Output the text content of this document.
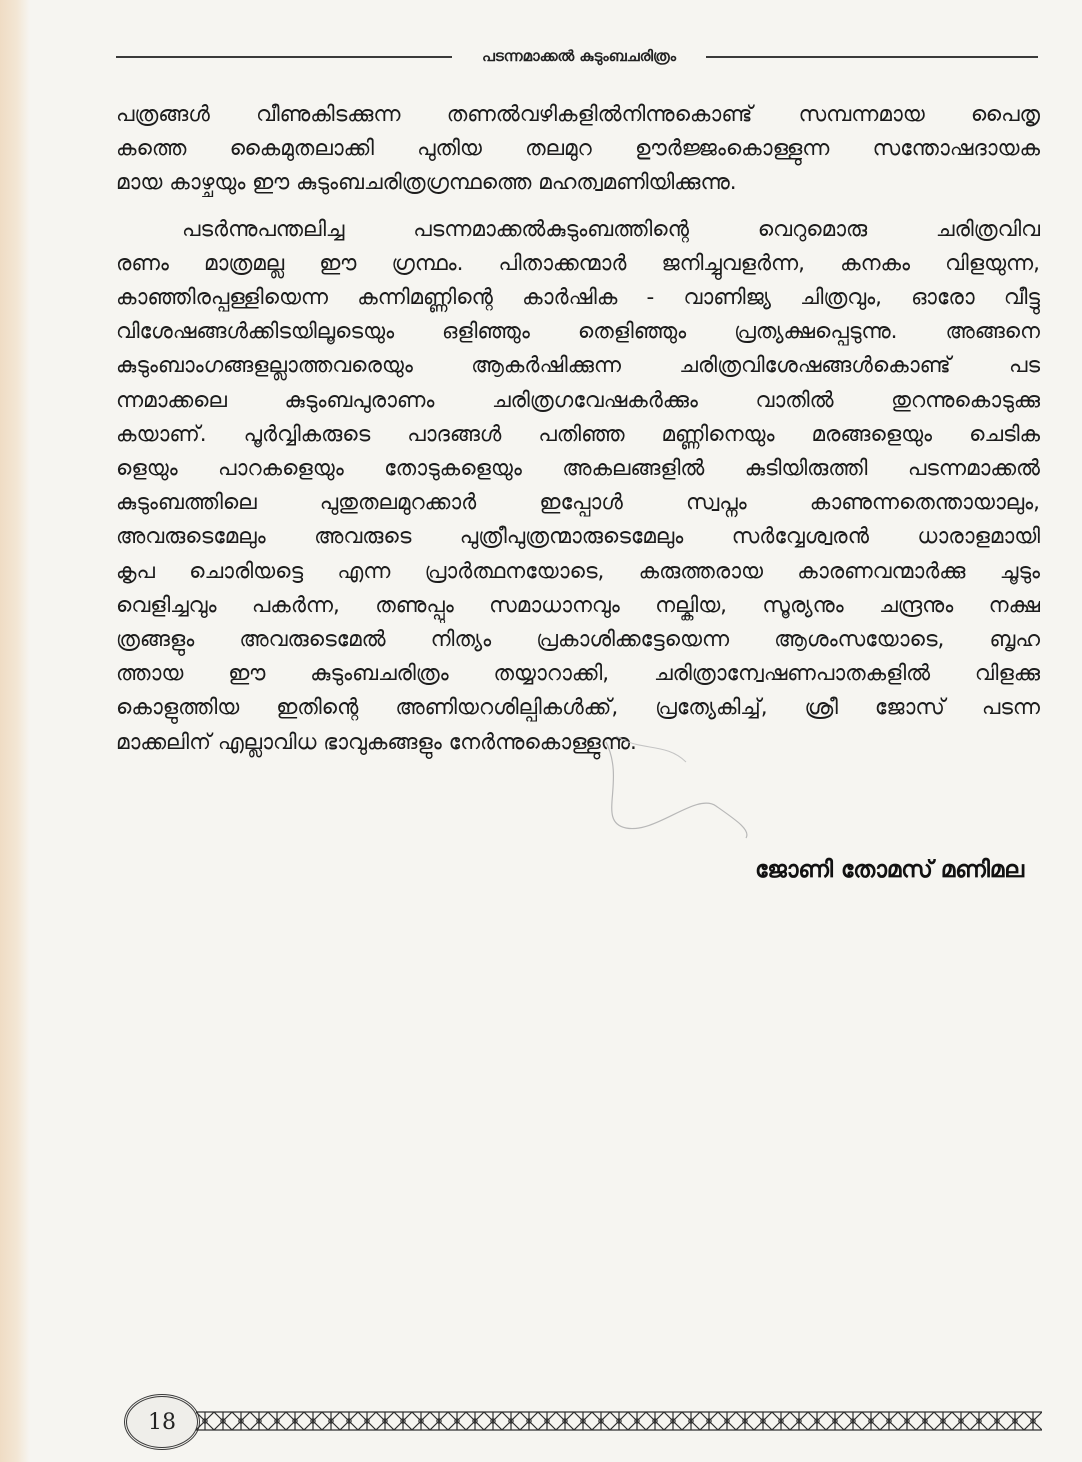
പടന്നമാക്കൽ കുടുംബചരിത്രം
പത്രങ്ങൾ വീണുകിടക്കുന്ന തണൽവഴികളിൽനിന്നുകൊണ്ട് സമ്പന്നമായ പൈതൃ
കത്തെ കൈമുതലാക്കി പുതിയ തലമുറ ഊർജ്ജംകൊള്ളുന്ന സന്തോഷദായക
മായ കാഴ്ചയും ഈ കുടുംബചരിത്രഗ്രന്ഥത്തെ മഹത്വമണിയിക്കുന്നു.
പടർന്നുപന്തലിച്ച പടന്നമാക്കൽകുടുംബത്തിന്റെ വെറുമൊരു ചരിത്രവിവ
രണം മാത്രമല്ല ഈ ഗ്രന്ഥം. പിതാക്കന്മാർ ജനിച്ചുവളർന്ന, കനകം വിളയുന്ന,
കാഞ്ഞിരപ്പള്ളിയെന്ന കന്നിമണ്ണിന്റെ കാർഷിക - വാണിജ്യ ചിത്രവും, ഓരോ വീട്ടു
വിശേഷങ്ങൾക്കിടയിലൂടെയും ഒളിഞ്ഞും തെളിഞ്ഞും പ്രത്യക്ഷപ്പെടുന്നു. അങ്ങനെ
കുടുംബാംഗങ്ങളല്ലാത്തവരെയും ആകർഷിക്കുന്ന ചരിത്രവിശേഷങ്ങൾകൊണ്ട് പട
ന്നമാക്കലെ കുടുംബപുരാണം ചരിത്രഗവേഷകർക്കും വാതിൽ തുറന്നുകൊടുക്കു
കയാണ്. പൂർവ്വികരുടെ പാദങ്ങൾ പതിഞ്ഞ മണ്ണിനെയും മരങ്ങളെയും ചെടിക
ളെയും പാറകളെയും തോടുകളെയും അകലങ്ങളിൽ കുടിയിരുത്തി പടന്നമാക്കൽ
കുടുംബത്തിലെ പുതുതലമുറക്കാർ ഇപ്പോൾ സ്വപ്നം കാണുന്നതെന്തായാലും,
അവരുടെമേലും അവരുടെ പുത്രീപുത്രന്മാരുടെമേലും സർവ്വേശ്വരൻ ധാരാളമായി
കൃപ ചൊരിയട്ടെ എന്ന പ്രാർത്ഥനയോടെ, കരുത്തരായ കാരണവന്മാർക്കു ചൂടും
വെളിച്ചവും പകർന്ന, തണുപ്പും സമാധാനവും നല്കിയ, സൂര്യനും ചന്ദ്രനും നക്ഷ
ത്രങ്ങളും അവരുടെമേൽ നിത്യം പ്രകാശിക്കട്ടേയെന്ന ആശംസയോടെ, ബൃഹ
ത്തായ ഈ കുടുംബചരിത്രം തയ്യാറാക്കി, ചരിത്രാന്വേഷണപാതകളിൽ വിളക്കു
കൊളുത്തിയ ഇതിന്റെ അണിയറശില്പികൾക്ക്, പ്രത്യേകിച്ച്, ശ്രീ ജോസ് പടന്ന
മാക്കലിന് എല്ലാവിധ ഭാവുകങ്ങളും നേർന്നുകൊള്ളുന്നു.
ജോണി തോമസ് മണിമല
18
